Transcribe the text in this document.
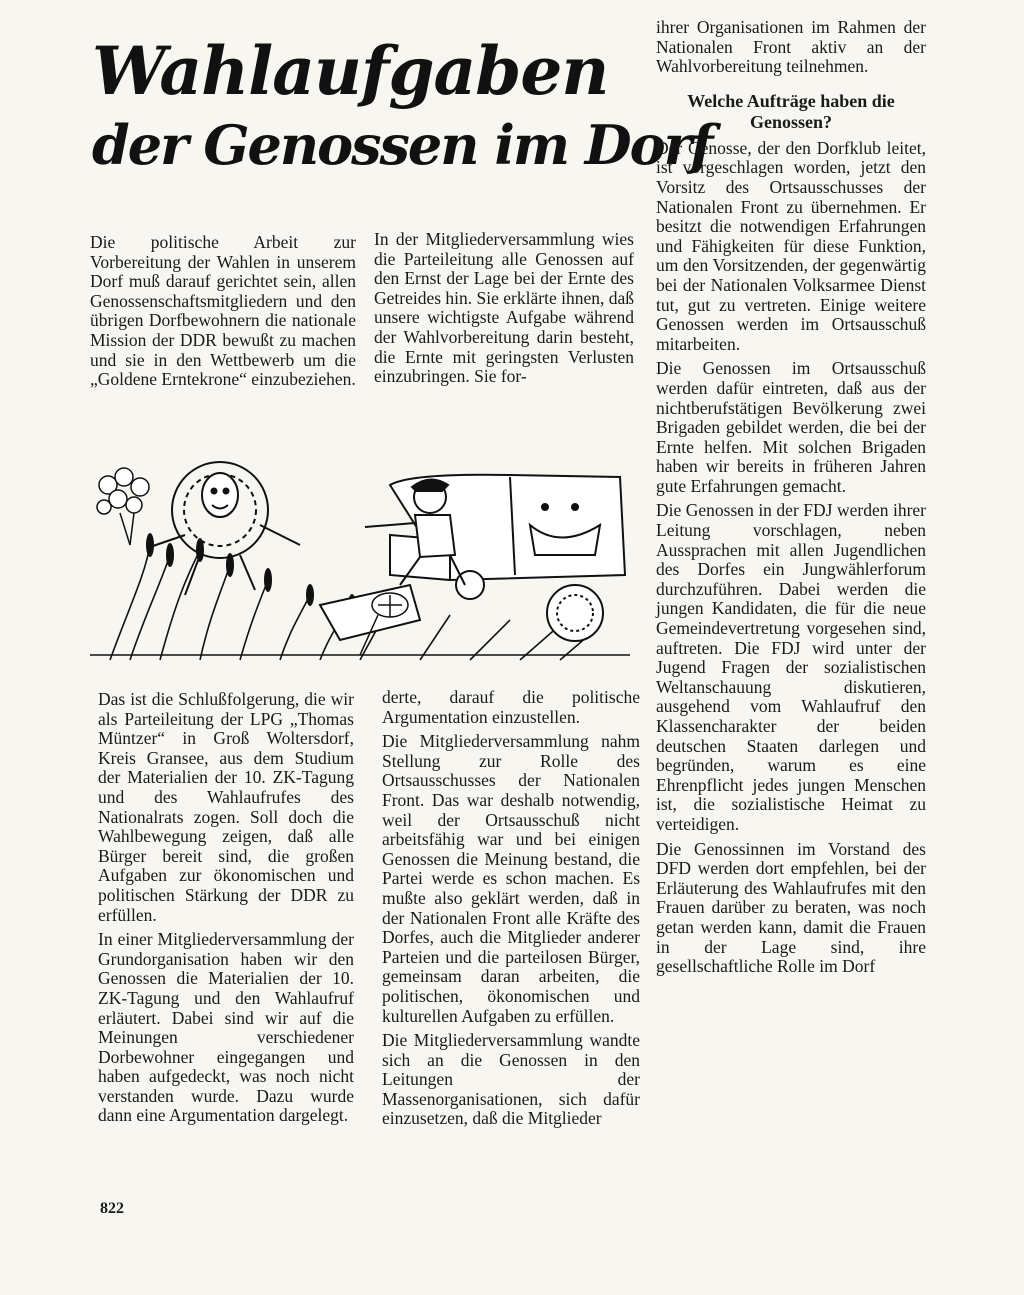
Wahlaufgaben
der Genossen im Dorf

Die politische Arbeit zur Vorbereitung der Wahlen in unserem Dorf muß darauf gerichtet sein, allen Genossenschaftsmitgliedern und den übrigen Dorfbewohnern die nationale Mission der DDR bewußt zu machen und sie in den Wettbewerb um die „Goldene Erntekrone“ einzubeziehen.

In der Mitgliederversammlung wies die Parteileitung alle Genossen auf den Ernst der Lage bei der Ernte des Getreides hin. Sie erklärte ihnen, daß unsere wichtigste Aufgabe während der Wahlvorbereitung darin besteht, die Ernte mit geringsten Verlusten einzubringen. Sie for-

Das ist die Schlußfolgerung, die wir als Parteileitung der LPG „Thomas Müntzer“ in Groß Woltersdorf, Kreis Gransee, aus dem Studium der Materialien der 10. ZK-Tagung und des Wahlaufrufes des Nationalrats zogen. Soll doch die Wahlbewegung zeigen, daß alle Bürger bereit sind, die großen Aufgaben zur ökonomischen und politischen Stärkung der DDR zu erfüllen.

In einer Mitgliederversammlung der Grundorganisation haben wir den Genossen die Materialien der 10. ZK-Tagung und den Wahlaufruf erläutert. Dabei sind wir auf die Meinungen verschiedener Dorbewohner eingegangen und haben aufgedeckt, was noch nicht verstanden wurde. Dazu wurde dann eine Argumentation dargelegt.

derte, darauf die politische Argumentation einzustellen.

Die Mitgliederversammlung nahm Stellung zur Rolle des Ortsausschusses der Nationalen Front. Das war deshalb notwendig, weil der Ortsausschuß nicht arbeitsfähig war und bei einigen Genossen die Meinung bestand, die Partei werde es schon machen. Es mußte also geklärt werden, daß in der Nationalen Front alle Kräfte des Dorfes, auch die Mitglieder anderer Parteien und die parteilosen Bürger, gemeinsam daran arbeiten, die politischen, ökonomischen und kulturellen Aufgaben zu erfüllen.

Die Mitgliederversammlung wandte sich an die Genossen in den Leitungen der Massenorganisationen, sich dafür einzusetzen, daß die Mitglieder

ihrer Organisationen im Rahmen der Nationalen Front aktiv an der Wahlvorbereitung teilnehmen.

Welche Aufträge haben die Genossen?

Der Genosse, der den Dorfklub leitet, ist vorgeschlagen worden, jetzt den Vorsitz des Ortsausschusses der Nationalen Front zu übernehmen. Er besitzt die notwendigen Erfahrungen und Fähigkeiten für diese Funktion, um den Vorsitzenden, der gegenwärtig bei der Nationalen Volksarmee Dienst tut, gut zu vertreten. Einige weitere Genossen werden im Ortsausschuß mitarbeiten.

Die Genossen im Ortsausschuß werden dafür eintreten, daß aus der nichtberufstätigen Bevölkerung zwei Brigaden gebildet werden, die bei der Ernte helfen. Mit solchen Brigaden haben wir bereits in früheren Jahren gute Erfahrungen gemacht.

Die Genossen in der FDJ werden ihrer Leitung vorschlagen, neben Aussprachen mit allen Jugendlichen des Dorfes ein Jungwählerforum durchzuführen. Dabei werden die jungen Kandidaten, die für die neue Gemeindevertretung vorgesehen sind, auftreten. Die FDJ wird unter der Jugend Fragen der sozialistischen Weltanschauung diskutieren, ausgehend vom Wahlaufruf den Klassencharakter der beiden deutschen Staaten darlegen und begründen, warum es eine Ehrenpflicht jedes jungen Menschen ist, die sozialistische Heimat zu verteidigen.

Die Genossinnen im Vorstand des DFD werden dort empfehlen, bei der Erläuterung des Wahlaufrufes mit den Frauen darüber zu beraten, was noch getan werden kann, damit die Frauen in der Lage sind, ihre gesellschaftliche Rolle im Dorf

822
